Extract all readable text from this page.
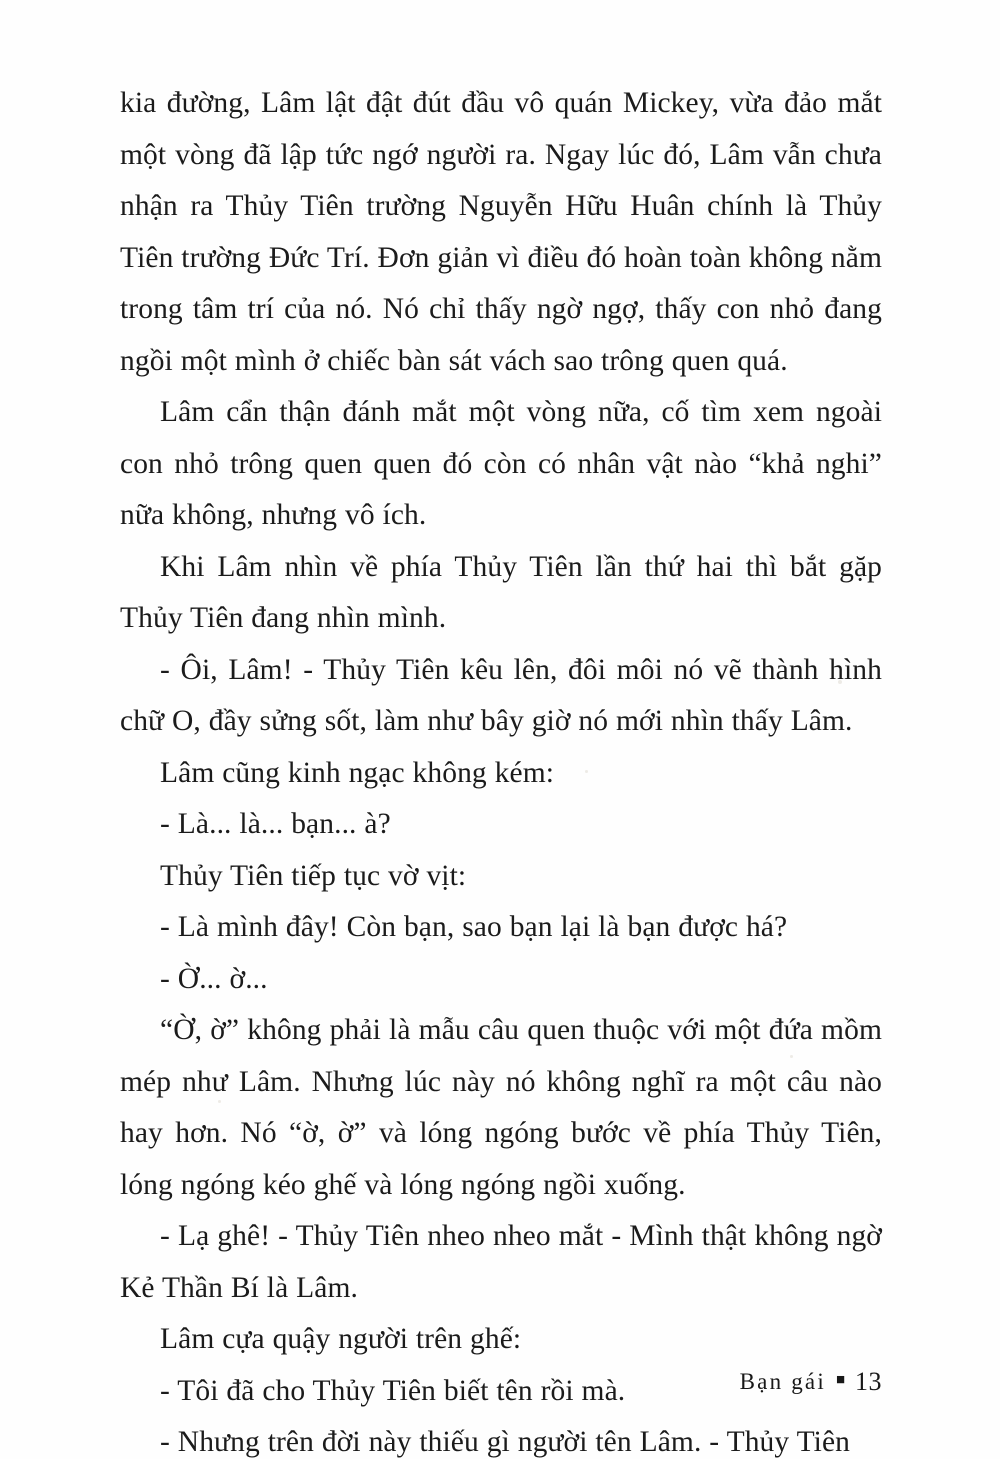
kia đường, Lâm lật đật đút đầu vô quán Mickey, vừa đảo mắt một vòng đã lập tức ngớ người ra. Ngay lúc đó, Lâm vẫn chưa nhận ra Thủy Tiên trường Nguyễn Hữu Huân chính là Thủy Tiên trường Đức Trí. Đơn giản vì điều đó hoàn toàn không nằm trong tâm trí của nó. Nó chỉ thấy ngờ ngợ, thấy con nhỏ đang ngồi một mình ở chiếc bàn sát vách sao trông quen quá.

Lâm cẩn thận đánh mắt một vòng nữa, cố tìm xem ngoài con nhỏ trông quen quen đó còn có nhân vật nào “khả nghi” nữa không, nhưng vô ích.

Khi Lâm nhìn về phía Thủy Tiên lần thứ hai thì bắt gặp Thủy Tiên đang nhìn mình.

- Ôi, Lâm! - Thủy Tiên kêu lên, đôi môi nó vẽ thành hình chữ O, đầy sửng sốt, làm như bây giờ nó mới nhìn thấy Lâm.

Lâm cũng kinh ngạc không kém:

- Là... là... bạn... à?

Thủy Tiên tiếp tục vờ vịt:

- Là mình đây! Còn bạn, sao bạn lại là bạn được há?

- Ờ... ờ...

“Ờ, ờ” không phải là mẫu câu quen thuộc với một đứa mồm mép như Lâm. Nhưng lúc này nó không nghĩ ra một câu nào hay hơn. Nó “ờ, ờ” và lóng ngóng bước về phía Thủy Tiên, lóng ngóng kéo ghế và lóng ngóng ngồi xuống.

- Lạ ghê! - Thủy Tiên nheo nheo mắt - Mình thật không ngờ Kẻ Thần Bí là Lâm.

Lâm cựa quậy người trên ghế:

- Tôi đã cho Thủy Tiên biết tên rồi mà.

- Nhưng trên đời này thiếu gì người tên Lâm. - Thủy Tiên

Bạn gái ■ 13
